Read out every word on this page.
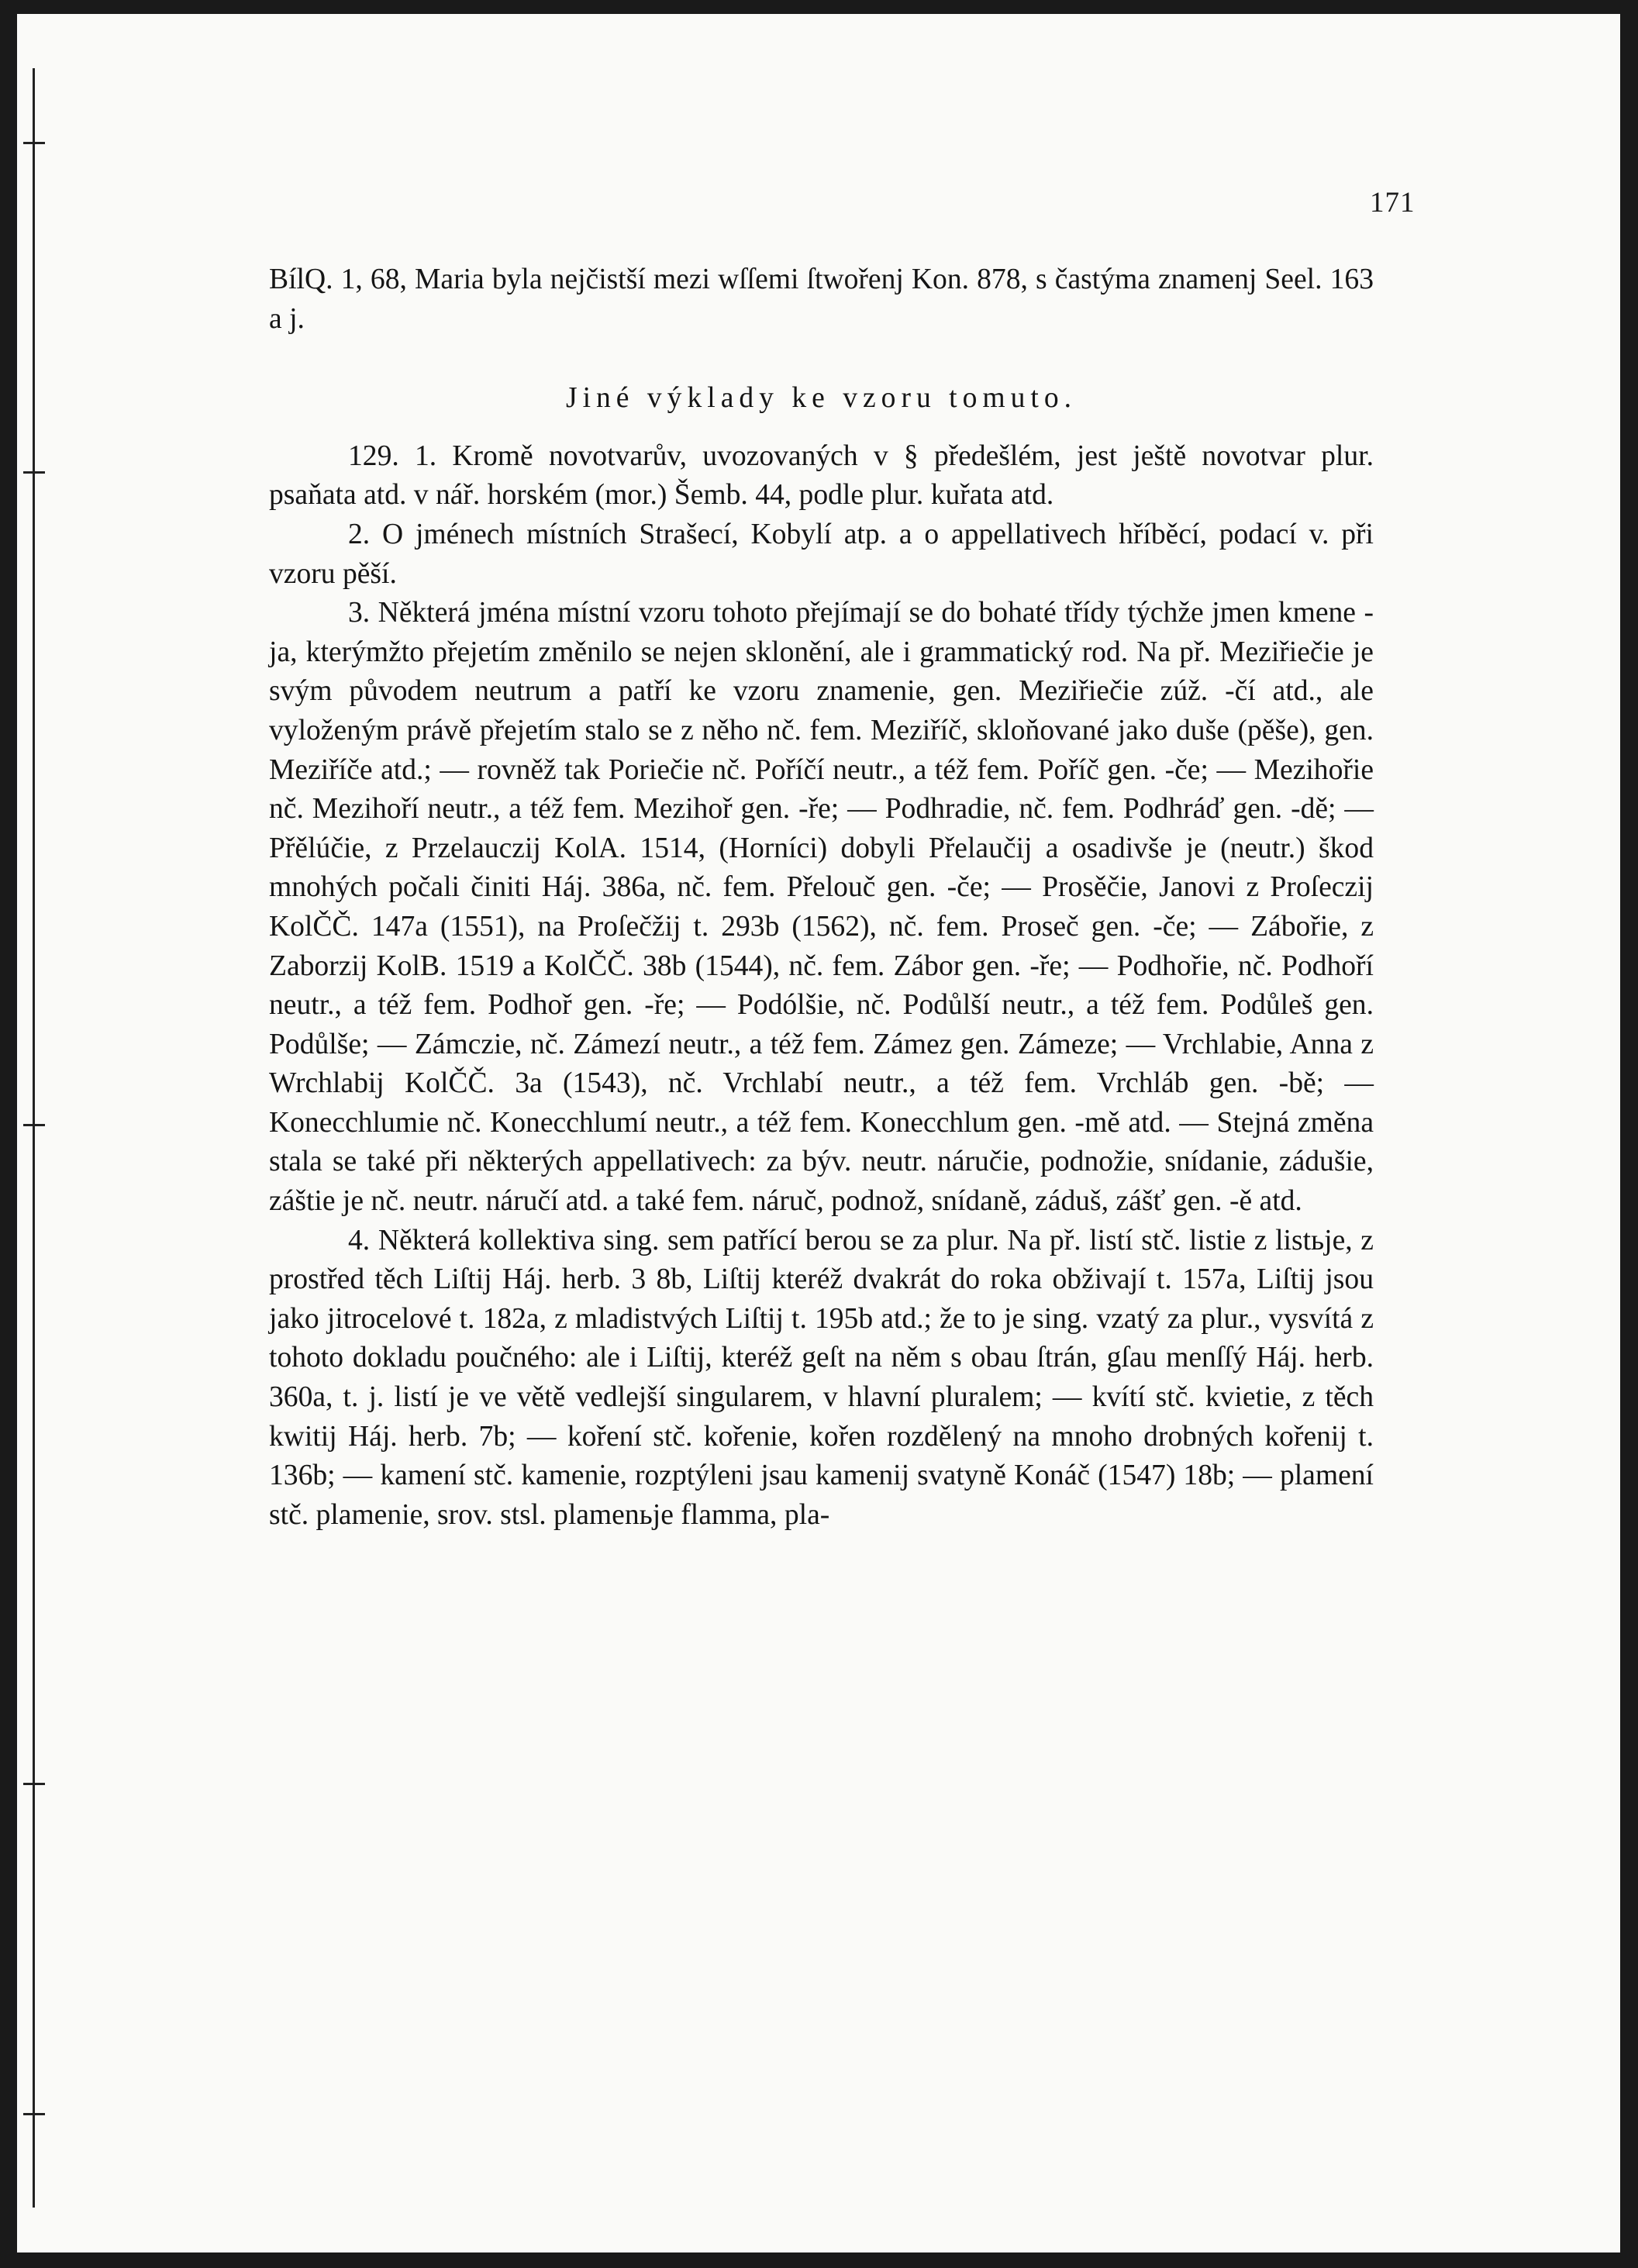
171

BílQ. 1, 68, Maria byla nejčistší mezi wſſemi ſtwořenj Kon. 878, s častýma znamenj Seel. 163 a j.

Jiné výklady ke vzoru tomuto.

129. 1. Kromě novotvarův, uvozovaných v § předešlém, jest ještě novotvar plur. psaňata atd. v nář. horském (mor.) Šemb. 44, podle plur. kuřata atd.

2. O jménech místních Strašecí, Kobylí atp. a o appellativech hříběcí, podací v. při vzoru pěší.

3. Některá jména místní vzoru tohoto přejímají se do bohaté třídy týchže jmen kmene -ja, kterýmžto přejetím změnilo se nejen sklonění, ale i grammatický rod. Na př. Meziřiečie je svým původem neutrum a patří ke vzoru znamenie, gen. Meziřiečie zúž. -čí atd., ale vyloženým právě přejetím stalo se z něho nč. fem. Meziříč, skloňované jako duše (pěše), gen. Meziříče atd.; — rovněž tak Poriečie nč. Poříčí neutr., a též fem. Poříč gen. -če; — Mezihořie nč. Mezihoří neutr., a též fem. Mezihoř gen. -ře; — Podhradie, nč. fem. Podhráď gen. -dě; — Přělúčie, z Przelauczij KolA. 1514, (Horníci) dobyli Přelaučij a osadivše je (neutr.) škod mnohých počali činiti Háj. 386a, nč. fem. Přelouč gen. -če; — Prosěčie, Janovi z Proſeczij KolČČ. 147a (1551), na Proſečžij t. 293b (1562), nč. fem. Proseč gen. -če; — Zábořie, z Zaborzij KolB. 1519 a KolČČ. 38b (1544), nč. fem. Zábor gen. -ře; — Podhořie, nč. Podhoří neutr., a též fem. Podhoř gen. -ře; — Podólšie, nč. Podůlší neutr., a též fem. Podůleš gen. Podůlše; — Zámczie, nč. Zámezí neutr., a též fem. Zámez gen. Zámeze; — Vrchlabie, Anna z Wrchlabij KolČČ. 3a (1543), nč. Vrchlabí neutr., a též fem. Vrchláb gen. -bě; — Konecchlumie nč. Konecchlumí neutr., a též fem. Konecchlum gen. -mě atd. — Stejná změna stala se také při některých appellativech: za býv. neutr. náručie, podnožie, snídanie, zádušie, záštie je nč. neutr. náručí atd. a také fem. náruč, podnož, snídaně, záduš, zášť gen. -ě atd.

4. Některá kollektiva sing. sem patřící berou se za plur. Na př. listí stč. listie z listьje, z prostřed těch Liſtij Háj. herb. 3 8b, Liſtij kteréž dvakrát do roka obživají t. 157a, Liſtij jsou jako jitrocelové t. 182a, z mladistvých Liſtij t. 195b atd.; že to je sing. vzatý za plur., vysvítá z tohoto dokladu poučného: ale i Liſtij, kteréž geſt na něm s obau ſtrán, gſau menſſý Háj. herb. 360a, t. j. listí je ve větě vedlejší singularem, v hlavní pluralem; — kvítí stč. kvietie, z těch kwitij Háj. herb. 7b; — koření stč. kořenie, kořen rozdělený na mnoho drobných kořenij t. 136b; — kamení stč. kamenie, rozptýleni jsau kamenij svatyně Konáč (1547) 18b; — plamení stč. plamenie, srov. stsl. plamenьje flamma, pla-
